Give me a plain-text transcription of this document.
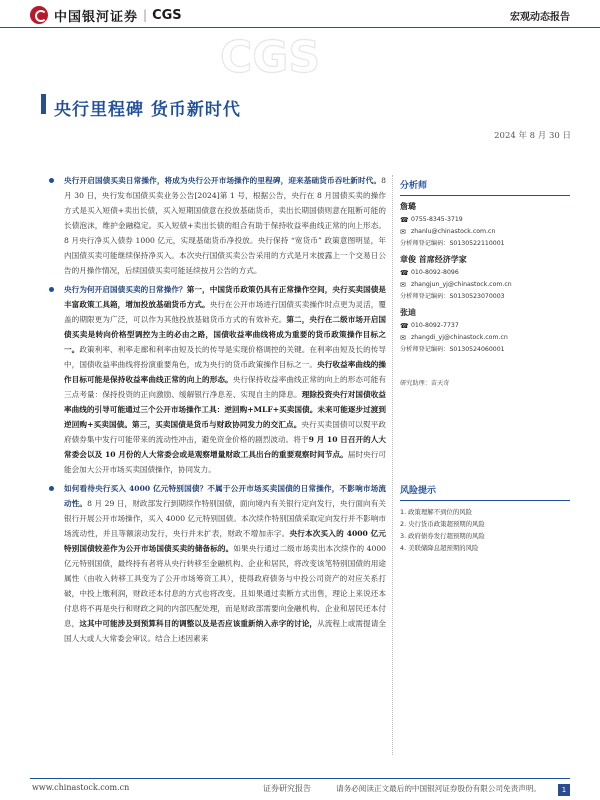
中国银河证券 | CGS	宏观动态报告
CGS
央行里程碑 货币新时代
2024 年 8 月 30 日
央行开启国债买卖日常操作，将成为央行公开市场操作的里程碑，迎来基础货币吞吐新时代。8 月 30 日，央行发布国债买卖业务公告[2024]第 1 号，根据公告，央行在 8 月国债买卖的操作方式是买入短债+卖出长债，买入短期国债意在投放基础货币，卖出长期国债则意在阻断可能的长债泡沫，维护金融稳定。买入短债+卖出长债的组合有助于保持收益率曲线正常的向上形态。8 月央行净买入债券 1000 亿元，实现基础货币净投放。央行保持 “宽货币” 政策意图明显，年内国债买卖可能继续保持净买入。本次央行国债买卖公告采用的方式是月末披露上一个交易日公告的月操作情况，后续国债买卖可能延续按月公告的方式。
央行为何开启国债买卖的日常操作？第一，中国货币政策仍具有正常操作空间，央行买卖国债是丰富政策工具箱，增加投放基础货币方式。央行在公开市场进行国债买卖操作时点更为灵活，覆盖的期限更为广泛，可以作为其他投放基础货币方式的有效补充。第二，央行在二级市场开启国债买卖是转向价格型调控为主的必由之路，国债收益率曲线将成为重要的货币政策操作目标之一。政策利率、利率走廊和利率由短及长的传导是实现价格调控的关键。在利率由短及长的传导中，国债收益率曲线将扮演重要角色，成为央行的货币政策操作目标之一。央行收益率曲线的操作目标可能是保持收益率曲线正常的向上的形态。央行保持收益率曲线正常的向上的形态可能有三点考量：保持投资的正向激励、缓解银行净息差、实现自主的降息。理除投资央行对国债收益率曲线的引导可能通过三个公开市场操作工具：逆回购+MLF+买卖国债。未来可能逐步过渡到逆回购+买卖国债。第三，买卖国债是货币与财政协同发力的交汇点。央行买卖国债可以熨平政府债券集中发行可能带来的流动性冲击，避免资金价格的剧烈波动。将于9 月 10 日召开的人大常委会以及 10 月份的人大常委会或是观察增量财政工具出台的重要观察时间节点。届时央行可能会加大公开市场买卖国债操作，协同发力。
如何看待央行买入 4000 亿元特别国债？不属于公开市场买卖国债的日常操作，不影响市场流动性。8 月 29 日，财政部发行到期续作特别国债，面向境内有关银行定向发行，央行面向有关银行开展公开市场操作，买入 4000 亿元特别国债。本次续作特别国债采取定向发行并不影响市场流动性，并且等额滚动发行，央行并未扩表，财政不增加赤字。央行本次买入的 4000 亿元特别国债较差作为公开市场国债买卖的储备标的。如果央行通过二级市场卖出本次续作的 4000 亿元特别国债，最终持有者将从央行转移至金融机构、企业和居民，将改变该笔特别国债的用途属性（由收入转移工具变为了公开市场筹资工具），使得政府债务与中投公司资产的对应关系打破，中投上缴利润，财政还本付息的方式也将改变。且如果通过卖断方式出售，理论上来说还本付息将不再是央行和财政之间的内部匹配处理，而是财政部需要向金融机构、企业和居民还本付息，这其中可能涉及到预算科目的调整以及是否应该重新纳入赤字的讨论，从流程上或需提请全国人大或人大常委会审议。结合上述因素来
分析师
詹璐
☎ 0755-8345-3719
✉ zhanlu@chinastock.com.cn
分析师登记编码： S0130522110001
章俊 首席经济学家
☎ 010-8092-8096
✉ zhangjun_yj@chinastock.com.cn
分析师登记编码： S0130523070003
张迪
☎ 010-8092-7737
✉ zhangdi_yj@chinastock.com.cn
分析师登记编码： S0130524060001
研究助理：苗天奇
风险提示
1. 政策理解不到位的风险
2. 央行货币政策超预期的风险
3. 政府债券发行超预期的风险
4. 美联储降息超预期的风险
www.chinastock.com.cn	证券研究报告	请务必阅读正文最后的中国银河证券股份有限公司免责声明。	1
